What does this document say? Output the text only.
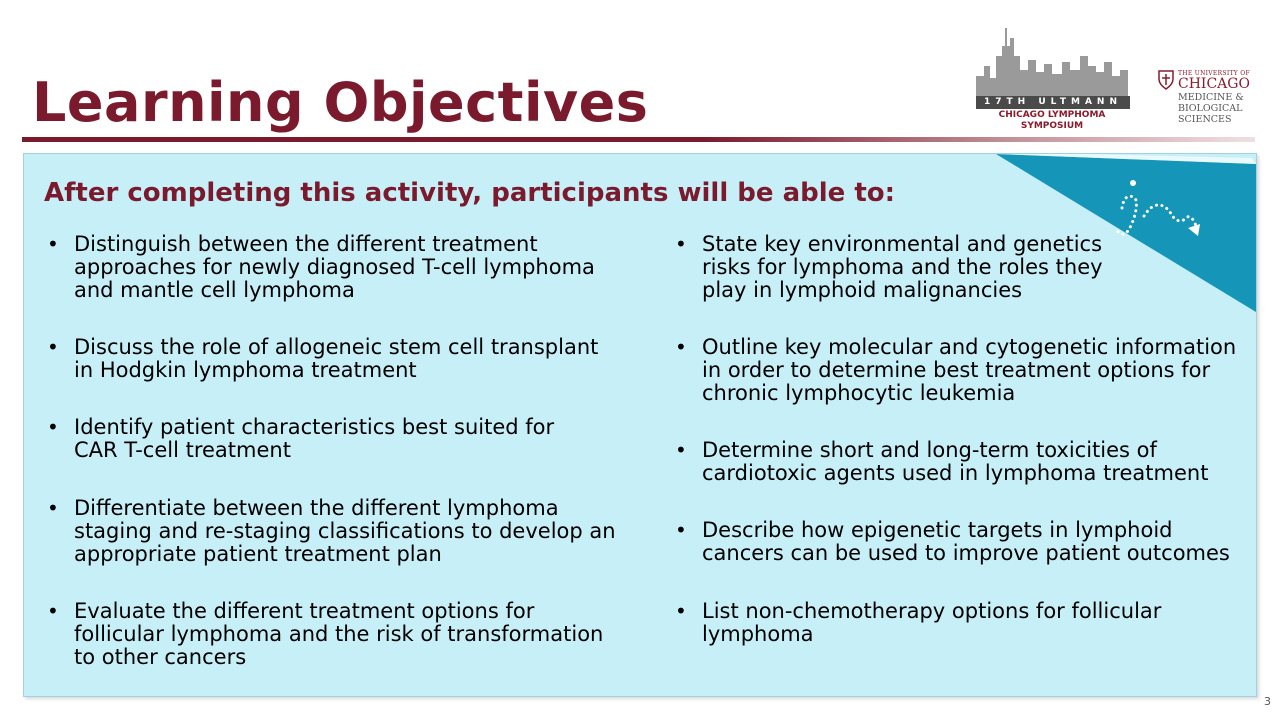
Learning Objectives	17TH ULTMANN
CHICAGO LYMPHOMA SYMPOSIUM
THE UNIVERSITY OF
CHICAGO
MEDICINE &
BIOLOGICAL
SCIENCES
After completing this activity, participants will be able to:
• Distinguish between the different treatment
approaches for newly diagnosed T-cell lymphoma
and mantle cell lymphoma
• Discuss the role of allogeneic stem cell transplant
in Hodgkin lymphoma treatment
• Identify patient characteristics best suited for
CAR T-cell treatment
• Differentiate between the different lymphoma
staging and re-staging classifications to develop an
appropriate patient treatment plan
• Evaluate the different treatment options for
follicular lymphoma and the risk of transformation
to other cancers
• State key environmental and genetics
risks for lymphoma and the roles they
play in lymphoid malignancies
• Outline key molecular and cytogenetic information
in order to determine best treatment options for
chronic lymphocytic leukemia
• Determine short and long-term toxicities of
cardiotoxic agents used in lymphoma treatment
• Describe how epigenetic targets in lymphoid
cancers can be used to improve patient outcomes
• List non-chemotherapy options for follicular
lymphoma
3
